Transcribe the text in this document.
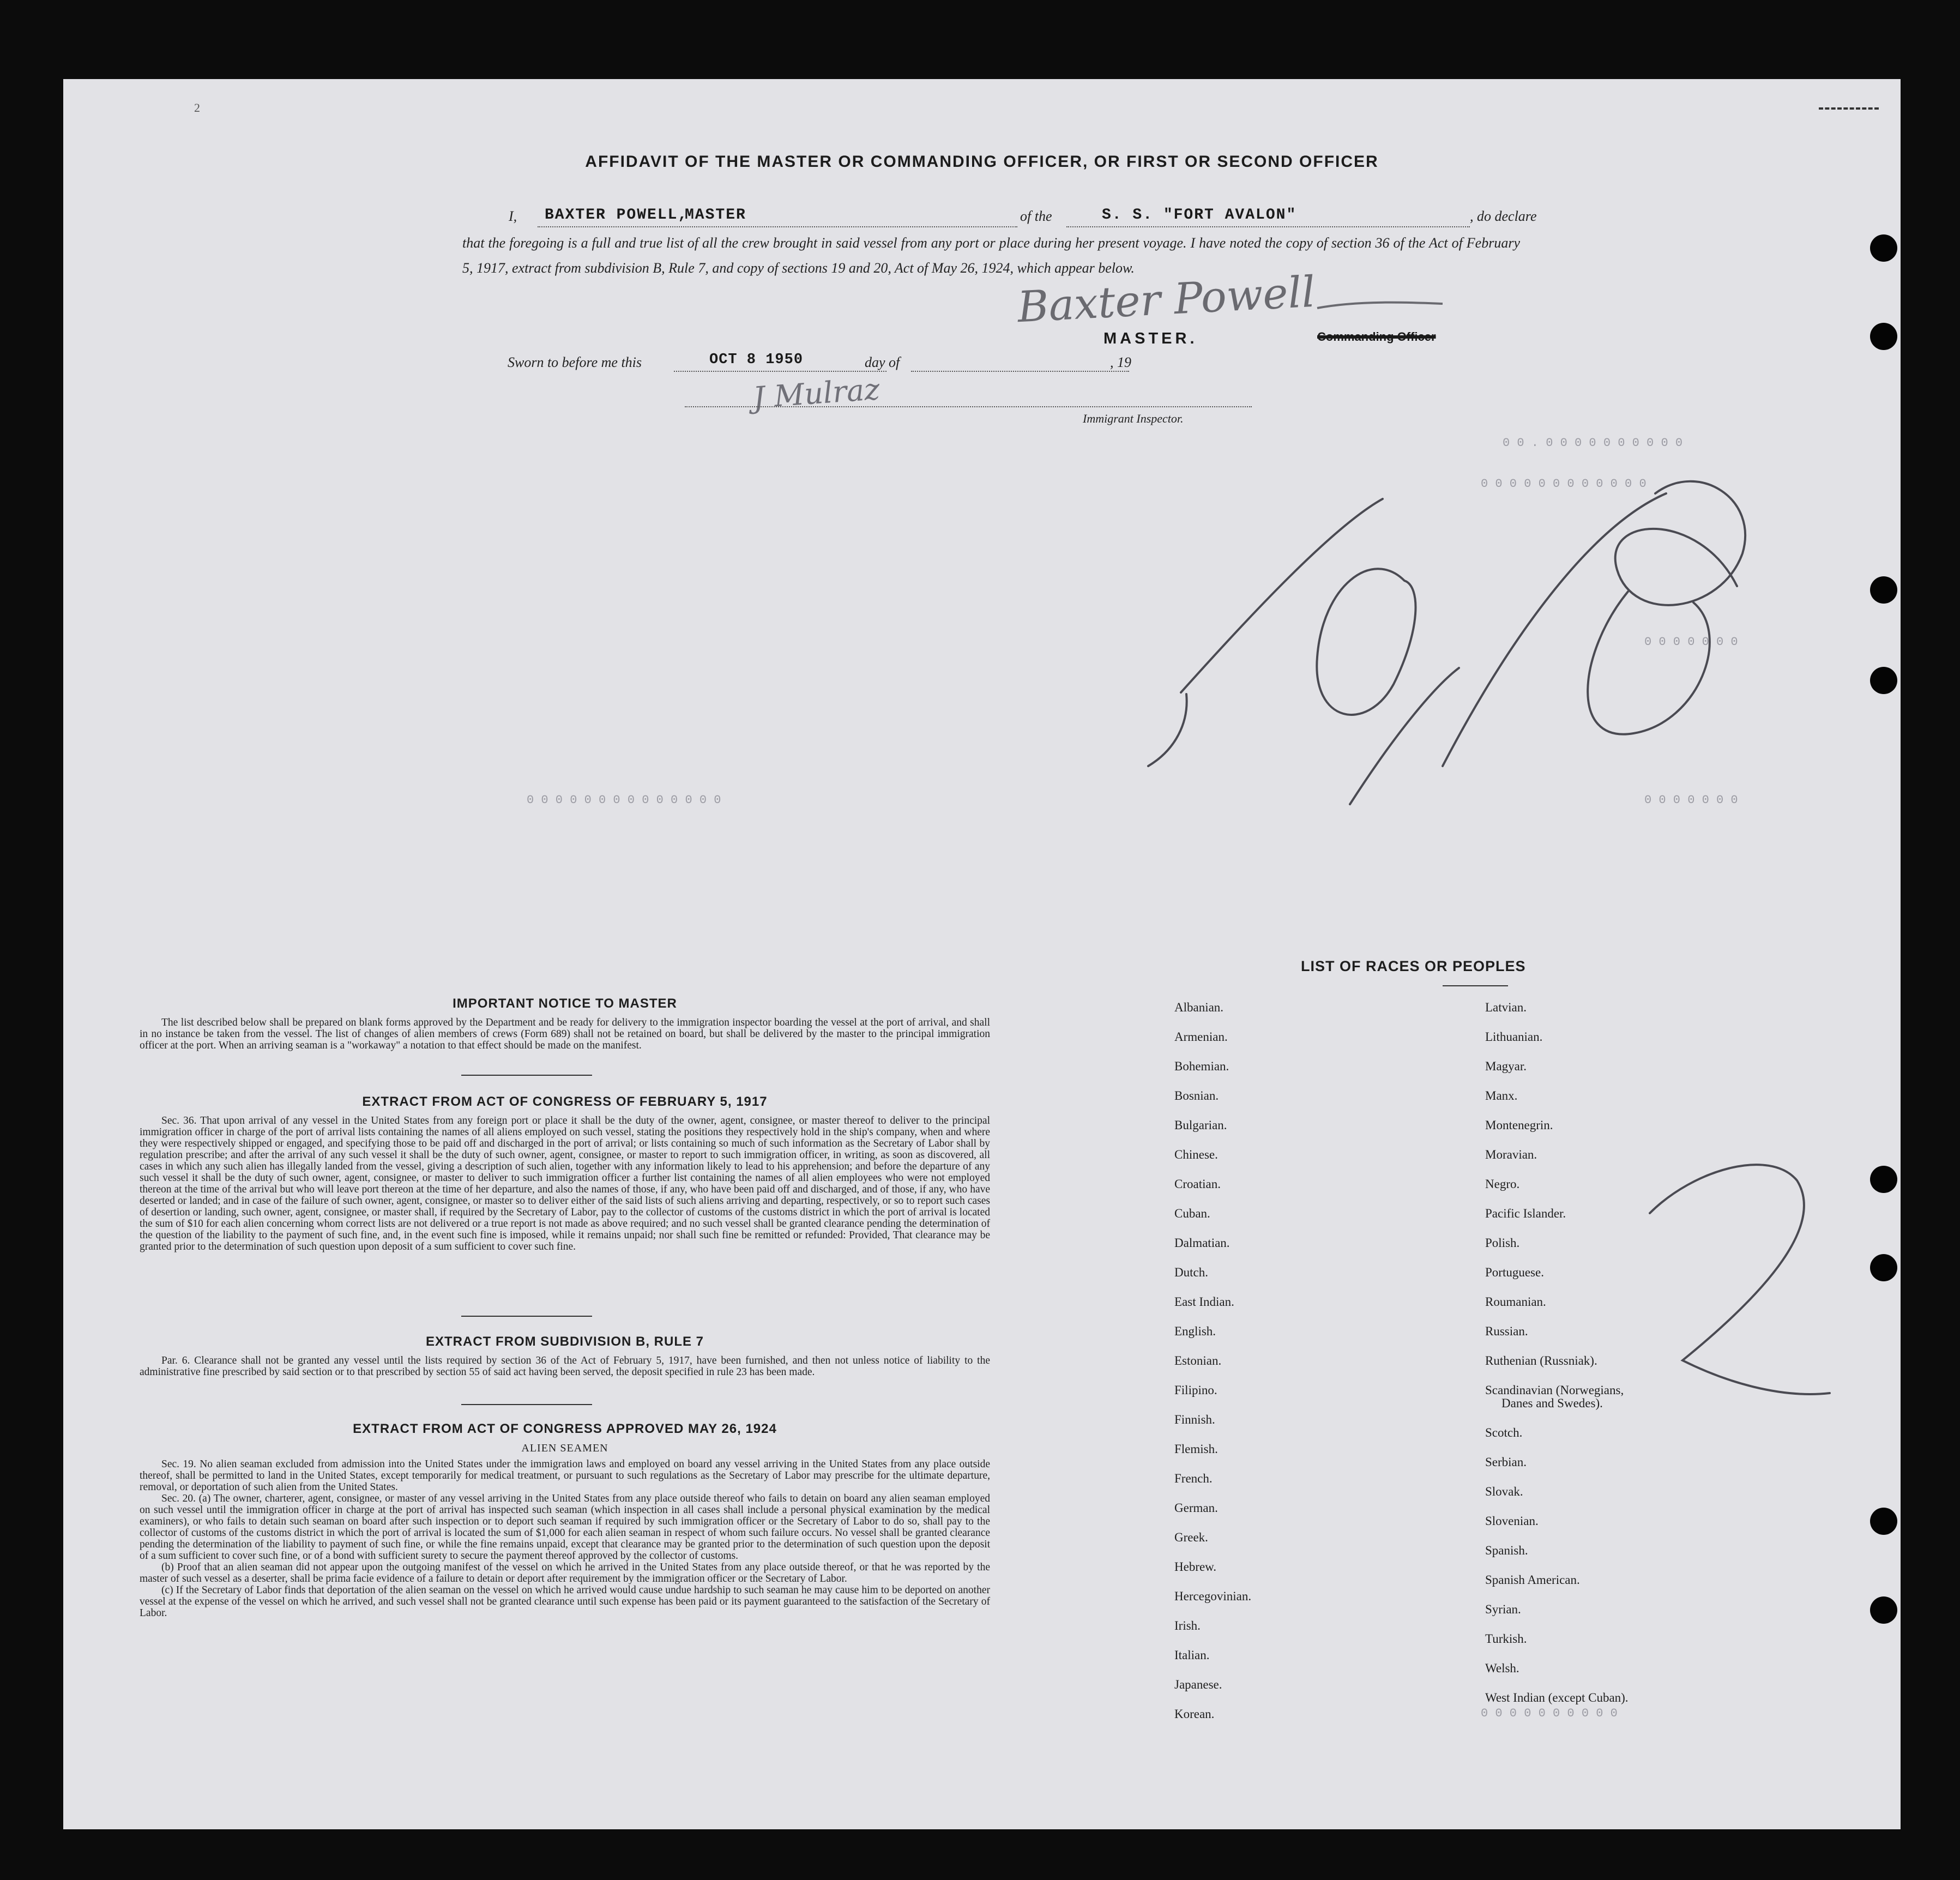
2
AFFIDAVIT OF THE MASTER OR COMMANDING OFFICER, OR FIRST OR SECOND OFFICER
I, BAXTER POWELL,
MASTER	of the	S. S. "FORT AVALON"	, do declare
that the foregoing is a full and true list of all the crew brought in said vessel from any port or place during her present voyage. I have noted the copy of section 36 of the Act of February 5, 1917, extract from subdivision B, Rule 7, and copy of sections 19 and 20, Act of May 26, 1924, which appear below.
Baxter Powell
MASTER.	Commanding Officer
Sworn to before me this	OCT 8 1950	day of	, 19
J Mulraz
Immigrant Inspector.
0 0 . 0 0 0 0 0 0 0 0 0 0
0 0 0 0 0 0 0 0 0 0 0 0
0 0 0 0 0 0 0
0 0 0 0 0 0 0
0 0 0 0 0 0 0 0 0 0 0 0 0 0
0 0 0 0 0 0 0 0 0 0
IMPORTANT NOTICE TO MASTER
The list described below shall be prepared on blank forms approved by the Department and be ready for delivery to the immigration inspector boarding the vessel at the port of arrival, and shall in no instance be taken from the vessel. The list of changes of alien members of crews (Form 689) shall not be retained on board, but shall be delivered by the master to the principal immigration officer at the port. When an arriving seaman is a "workaway" a notation to that effect should be made on the manifest.
EXTRACT FROM ACT OF CONGRESS OF FEBRUARY 5, 1917
Sec. 36. That upon arrival of any vessel in the United States from any foreign port or place it shall be the duty of the owner, agent, consignee, or master thereof to deliver to the principal immigration officer in charge of the port of arrival lists containing the names of all aliens employed on such vessel, stating the positions they respectively hold in the ship's company, when and where they were respectively shipped or engaged, and specifying those to be paid off and discharged in the port of arrival; or lists containing so much of such information as the Secretary of Labor shall by regulation prescribe; and after the arrival of any such vessel it shall be the duty of such owner, agent, consignee, or master to report to such immigration officer, in writing, as soon as discovered, all cases in which any such alien has illegally landed from the vessel, giving a description of such alien, together with any information likely to lead to his apprehension; and before the departure of any such vessel it shall be the duty of such owner, agent, consignee, or master to deliver to such immigration officer a further list containing the names of all alien employees who were not employed thereon at the time of the arrival but who will leave port thereon at the time of her departure, and also the names of those, if any, who have been paid off and discharged, and of those, if any, who have deserted or landed; and in case of the failure of such owner, agent, consignee, or master so to deliver either of the said lists of such aliens arriving and departing, respectively, or so to report such cases of desertion or landing, such owner, agent, consignee, or master shall, if required by the Secretary of Labor, pay to the collector of customs of the customs district in which the port of arrival is located the sum of $10 for each alien concerning whom correct lists are not delivered or a true report is not made as above required; and no such vessel shall be granted clearance pending the determination of the question of the liability to the payment of such fine, and, in the event such fine is imposed, while it remains unpaid; nor shall such fine be remitted or refunded: Provided, That clearance may be granted prior to the determination of such question upon deposit of a sum sufficient to cover such fine.
EXTRACT FROM SUBDIVISION B, RULE 7
Par. 6. Clearance shall not be granted any vessel until the lists required by section 36 of the Act of February 5, 1917, have been furnished, and then not unless notice of liability to the administrative fine prescribed by said section or to that prescribed by section 55 of said act having been served, the deposit specified in rule 23 has been made.
EXTRACT FROM ACT OF CONGRESS APPROVED MAY 26, 1924
ALIEN SEAMEN

Sec. 19. No alien seaman excluded from admission into the United States under the immigration laws and employed on board any vessel arriving in the United States from any place outside thereof, shall be permitted to land in the United States, except temporarily for medical treatment, or pursuant to such regulations as the Secretary of Labor may prescribe for the ultimate departure, removal, or deportation of such alien from the United States.

Sec. 20. (a) The owner, charterer, agent, consignee, or master of any vessel arriving in the United States from any place outside thereof who fails to detain on board any alien seaman employed on such vessel until the immigration officer in charge at the port of arrival has inspected such seaman (which inspection in all cases shall include a personal physical examination by the medical examiners), or who fails to detain such seaman on board after such inspection or to deport such seaman if required by such immigration officer or the Secretary of Labor to do so, shall pay to the collector of customs of the customs district in which the port of arrival is located the sum of $1,000 for each alien seaman in respect of whom such failure occurs. No vessel shall be granted clearance pending the determination of the liability to payment of such fine, or while the fine remains unpaid, except that clearance may be granted prior to the determination of such question upon the deposit of a sum sufficient to cover such fine, or of a bond with sufficient surety to secure the payment thereof approved by the collector of customs.

(b) Proof that an alien seaman did not appear upon the outgoing manifest of the vessel on which he arrived in the United States from any place outside thereof, or that he was reported by the master of such vessel as a deserter, shall be prima facie evidence of a failure to detain or deport after requirement by the immigration officer or the Secretary of Labor.

(c) If the Secretary of Labor finds that deportation of the alien seaman on the vessel on which he arrived would cause undue hardship to such seaman he may cause him to be deported on another vessel at the expense of the vessel on which he arrived, and such vessel shall not be granted clearance until such expense has been paid or its payment guaranteed to the satisfaction of the Secretary of Labor.

LIST OF RACES OR PEOPLES
Albanian.
Armenian.
Bohemian.
Bosnian.
Bulgarian.
Chinese.
Croatian.
Cuban.
Dalmatian.
Dutch.
East Indian.
English.
Estonian.
Filipino.
Finnish.
Flemish.
French.
German.
Greek.
Hebrew.
Hercegovinian.
Irish.
Italian.
Japanese.
Korean.
Latvian.
Lithuanian.
Magyar.
Manx.
Montenegrin.
Moravian.
Negro.
Pacific Islander.
Polish.
Portuguese.
Roumanian.
Russian.
Ruthenian (Russniak).
Scandinavian (Norwegians,
Danes and Swedes).
Scotch.
Serbian.
Slovak.
Slovenian.
Spanish.
Spanish American.
Syrian.
Turkish.
Welsh.
West Indian (except Cuban).
